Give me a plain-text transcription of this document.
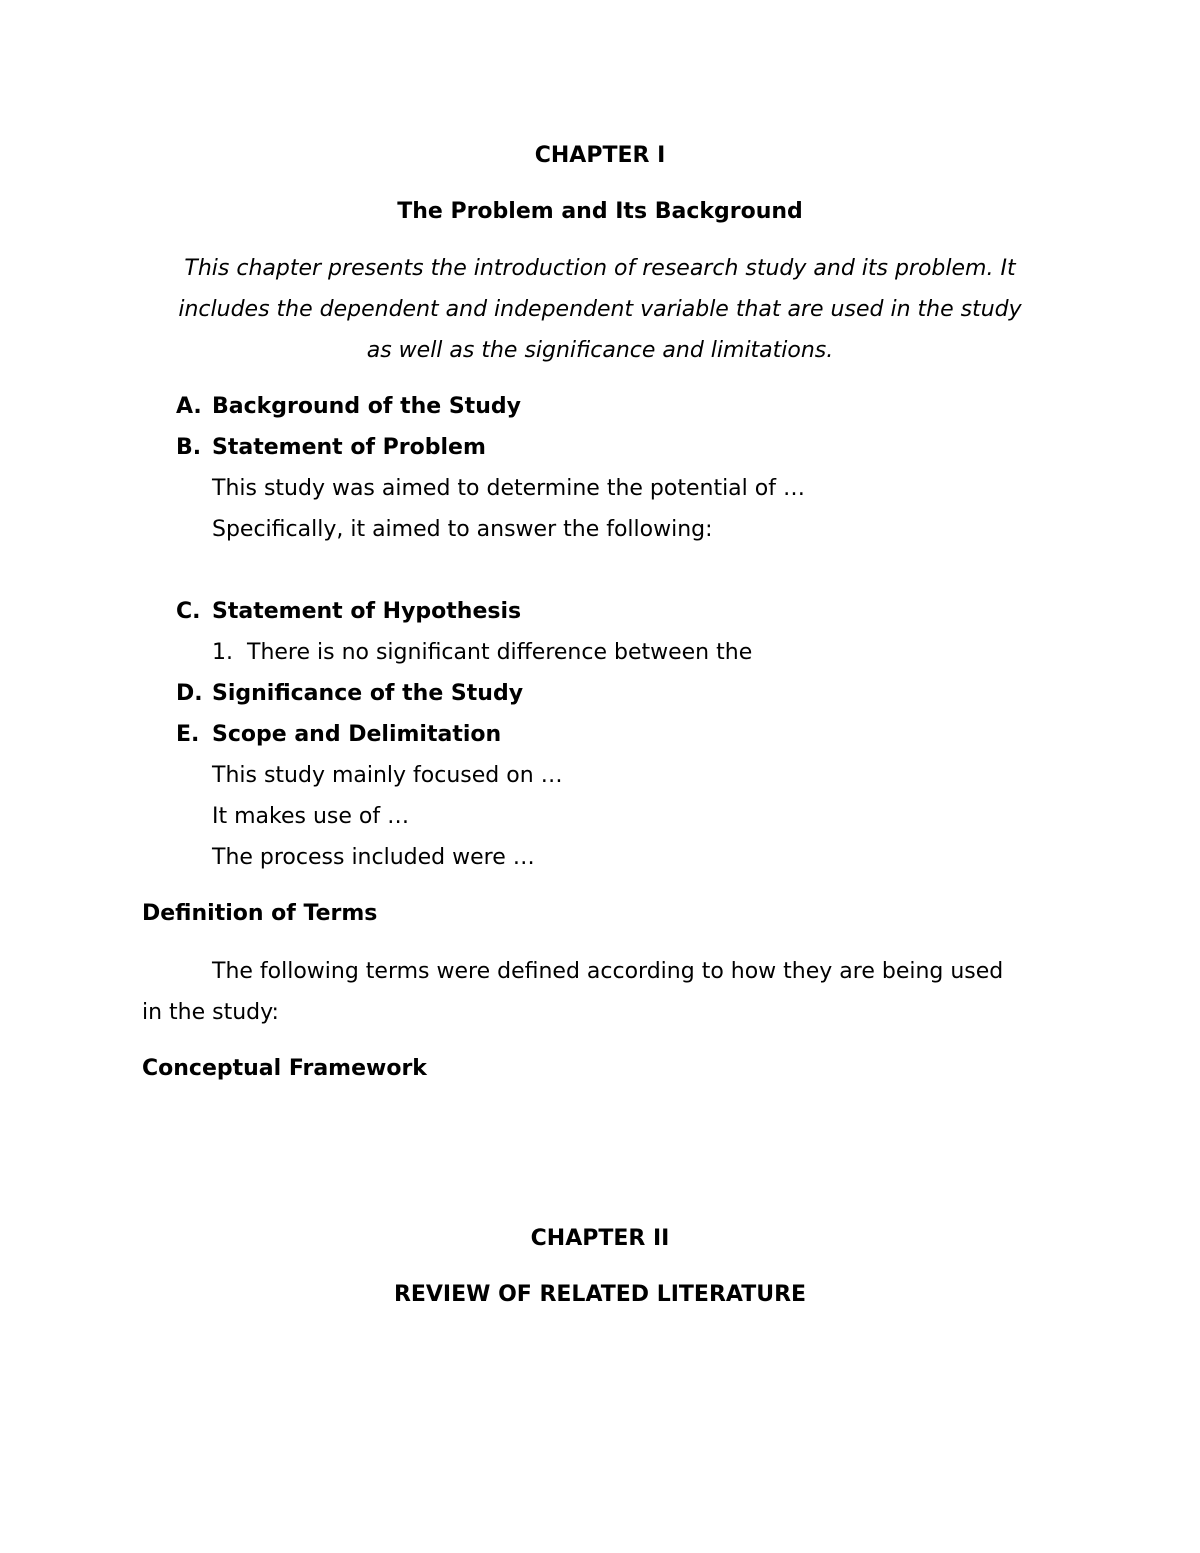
CHAPTER I
The Problem and Its Background
This chapter presents the introduction of research study and its problem. It
includes the dependent and independent variable that are used in the study
as well as the significance and limitations.
A. Background of the Study
B. Statement of Problem
This study was aimed to determine the potential of …
Specifically, it aimed to answer the following:
C. Statement of Hypothesis
1. There is no significant difference between the
D. Significance of the Study
E. Scope and Delimitation
This study mainly focused on …
It makes use of …
The process included were …
Definition of Terms
The following terms were defined according to how they are being used
in the study:
Conceptual Framework
CHAPTER II
REVIEW OF RELATED LITERATURE
